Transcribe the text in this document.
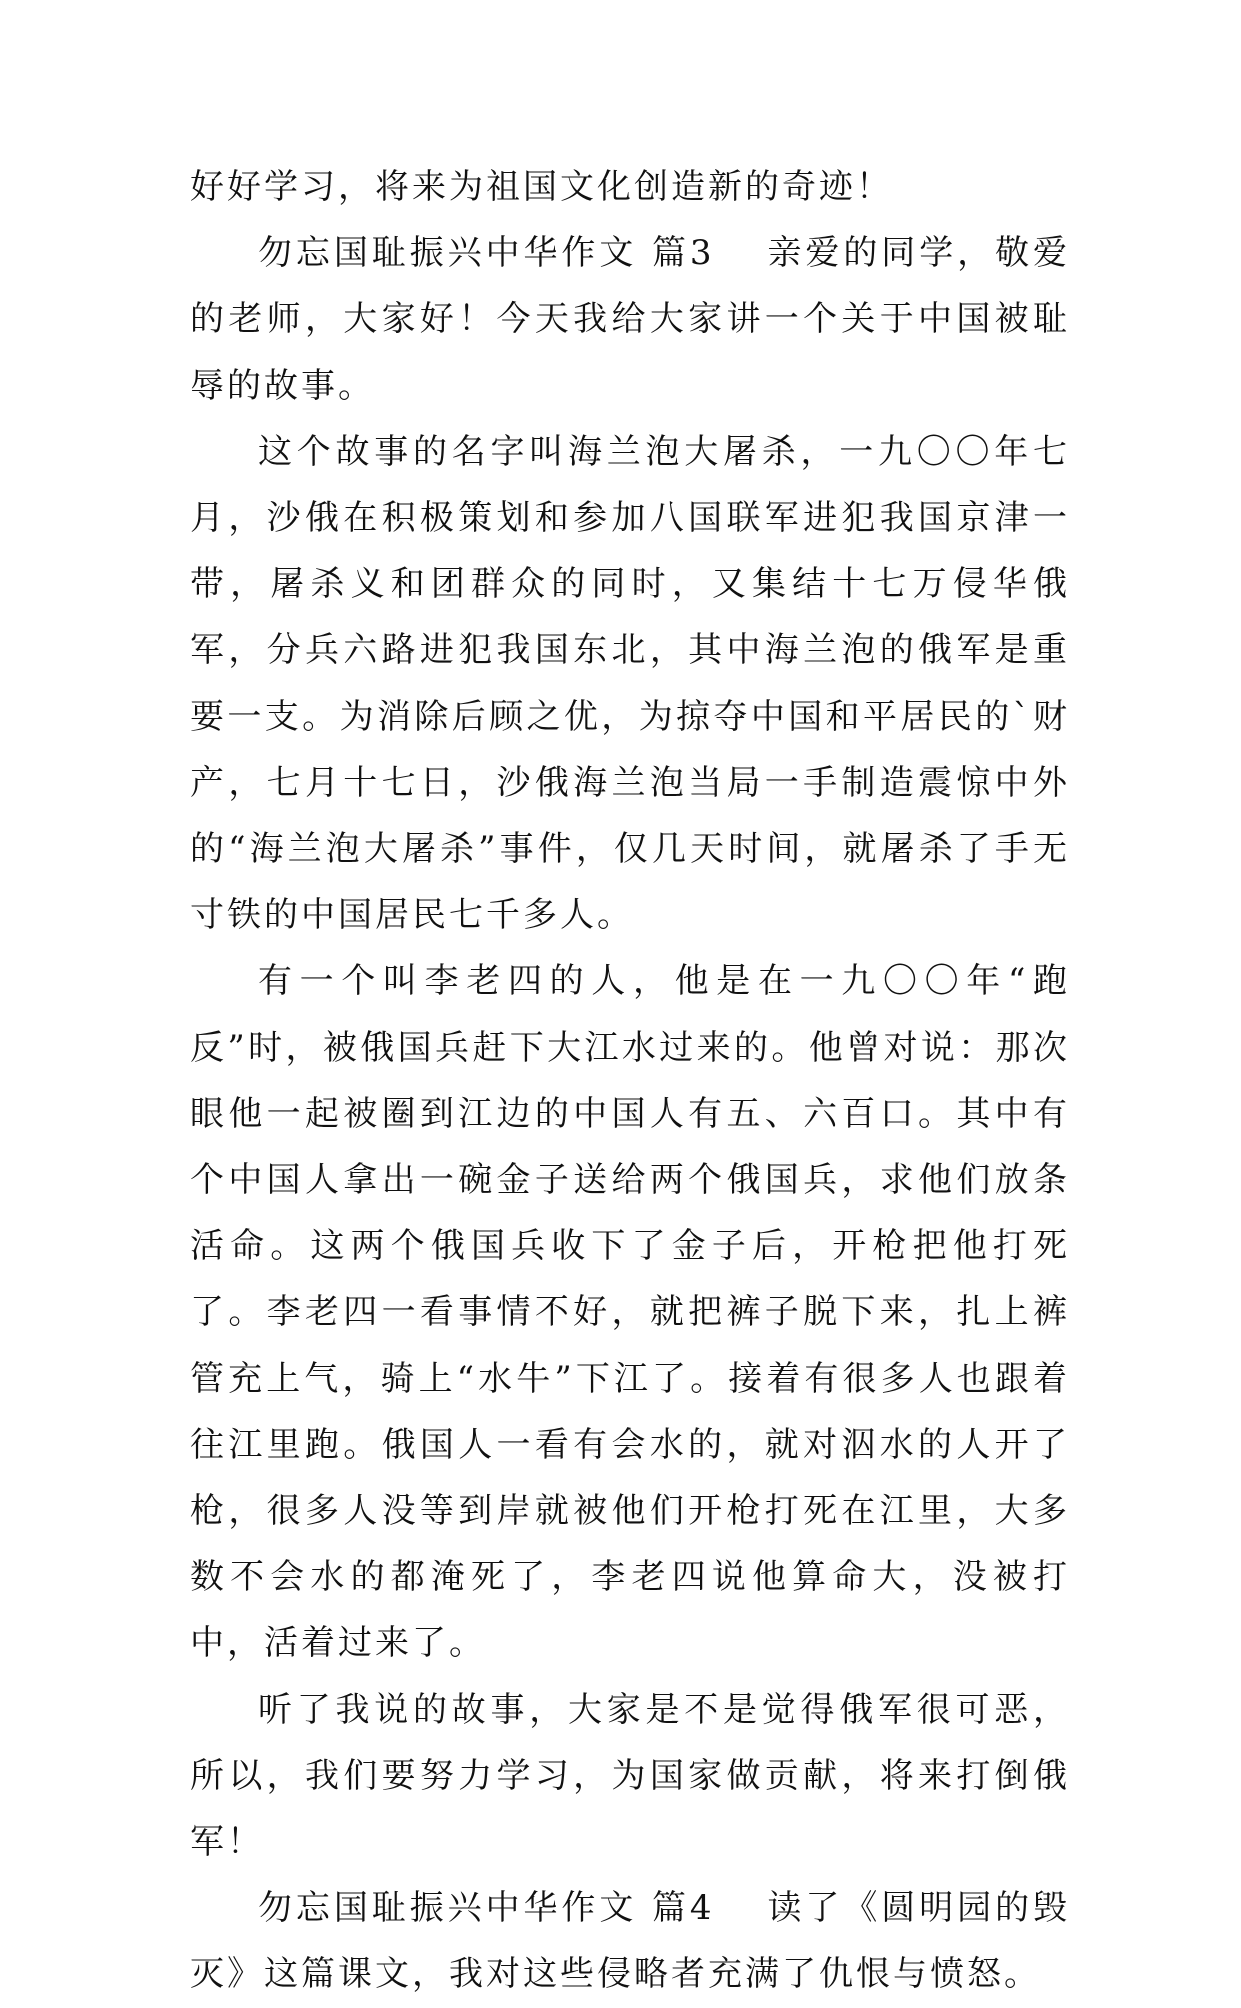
好好学习，将来为祖国文化创造新的奇迹！

勿忘国耻振兴中华作文 篇3 亲爱的同学，敬爱的老师，大家好！今天我给大家讲一个关于中国被耻辱的故事。

这个故事的名字叫海兰泡大屠杀，一九〇〇年七月，沙俄在积极策划和参加八国联军进犯我国京津一带，屠杀义和团群众的同时，又集结十七万侵华俄军，分兵六路进犯我国东北，其中海兰泡的俄军是重要一支。为消除后顾之优，为掠夺中国和平居民的`财产，七月十七日，沙俄海兰泡当局一手制造震惊中外的“海兰泡大屠杀”事件，仅几天时间，就屠杀了手无寸铁的中国居民七千多人。

有一个叫李老四的人，他是在一九〇〇年“跑反”时，被俄国兵赶下大江水过来的。他曾对说：那次眼他一起被圈到江边的中国人有五、六百口。其中有个中国人拿出一碗金子送给两个俄国兵，求他们放条活命。这两个俄国兵收下了金子后，开枪把他打死了。李老四一看事情不好，就把裤子脱下来，扎上裤管充上气，骑上“水牛”下江了。接着有很多人也跟着往江里跑。俄国人一看有会水的，就对泅水的人开了枪，很多人没等到岸就被他们开枪打死在江里，大多数不会水的都淹死了，李老四说他算命大，没被打中，活着过来了。

听了我说的故事，大家是不是觉得俄军很可恶，所以，我们要努力学习，为国家做贡献，将来打倒俄军！

勿忘国耻振兴中华作文 篇4 读了《圆明园的毁灭》这篇课文，我对这些侵略者充满了仇恨与愤怒。
